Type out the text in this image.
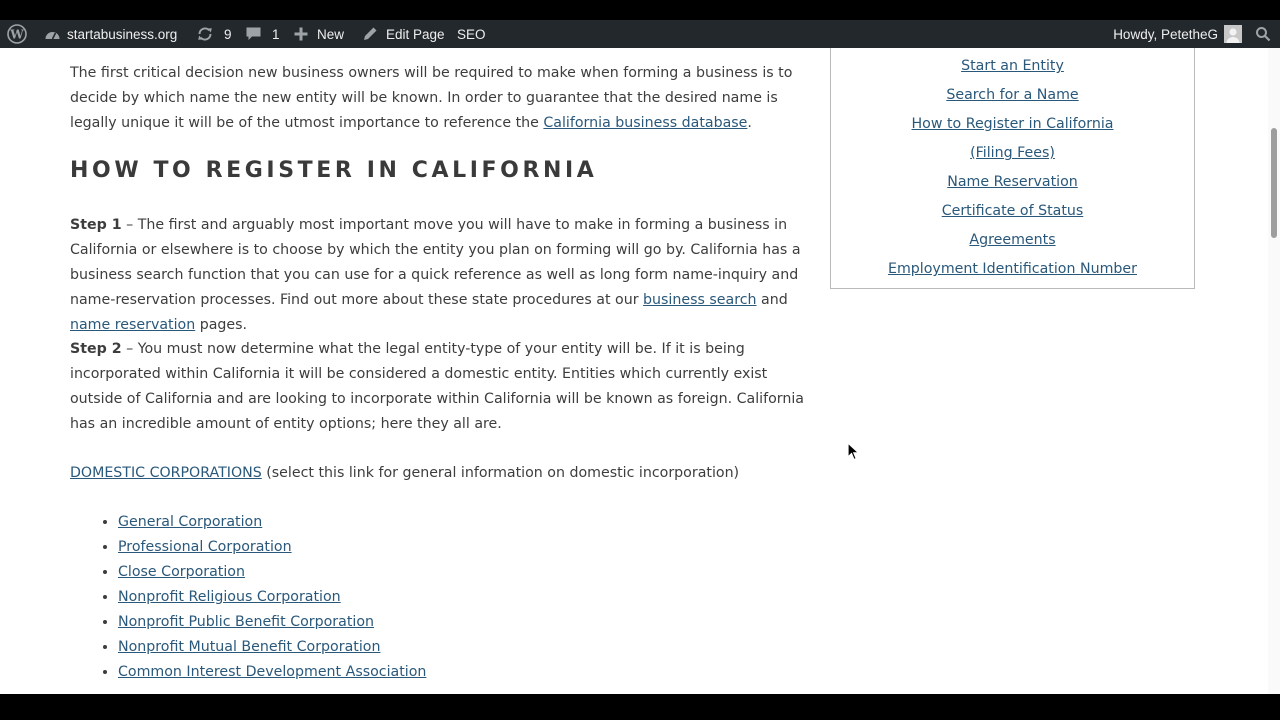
W	startabusiness.org	9	1	New	Edit Page SEO	Howdy, PetetheG

The first critical decision new business owners will be required to make when forming a business is to decide by which name the new entity will be known. In order to guarantee that the desired name is legally unique it will be of the utmost importance to reference the California business database.

HOW TO REGISTER IN CALIFORNIA

Step 1 – The first and arguably most important move you will have to make in forming a business in California or elsewhere is to choose by which the entity you plan on forming will go by. California has a business search function that you can use for a quick reference as well as long form name-inquiry and name-reservation processes. Find out more about these state procedures at our business search and name reservation pages.

Step 2 – You must now determine what the legal entity-type of your entity will be. If it is being incorporated within California it will be considered a domestic entity. Entities which currently exist outside of California and are looking to incorporate within California will be known as foreign. California has an incredible amount of entity options; here they all are.

DOMESTIC CORPORATIONS (select this link for general information on domestic incorporation)

• General Corporation
• Professional Corporation
• Close Corporation
• Nonprofit Religious Corporation
• Nonprofit Public Benefit Corporation
• Nonprofit Mutual Benefit Corporation
• Common Interest Development Association
Start an Entity
Search for a Name
How to Register in California
(Filing Fees)
Name Reservation
Certificate of Status
Agreements
Employment Identification Number
